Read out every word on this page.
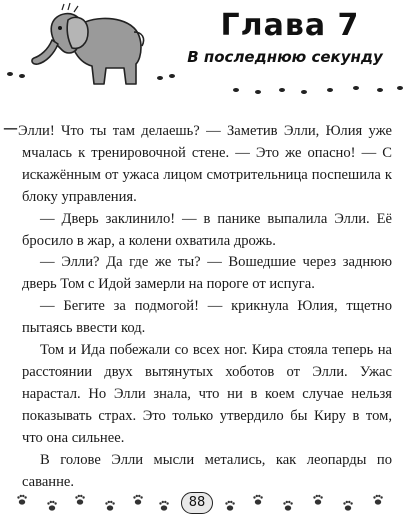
Глава 7
В последнюю секунду

–Элли! Что ты там делаешь? — Заметив Элли, Юлия уже мчалась к тренировочной стене. — Это же опасно! — С искажённым от ужаса лицом смотрительница поспешила к блоку управления.

— Дверь заклинило! — в панике выпалила Элли. Её бросило в жар, а колени охватила дрожь.

— Элли? Да где же ты? — Вошедшие через заднюю дверь Том с Идой замерли на пороге от испуга.

— Бегите за подмогой! — крикнула Юлия, тщетно пытаясь ввести код.

Том и Ида побежали со всех ног. Кира стояла теперь на расстоянии двух вытянутых хоботов от Элли. Ужас нарастал. Но Элли знала, что ни в коем случае нельзя показывать страх. Это только утвердило бы Киру в том, что она сильнее.

В голове Элли мысли метались, как леопарды по саванне.

88
